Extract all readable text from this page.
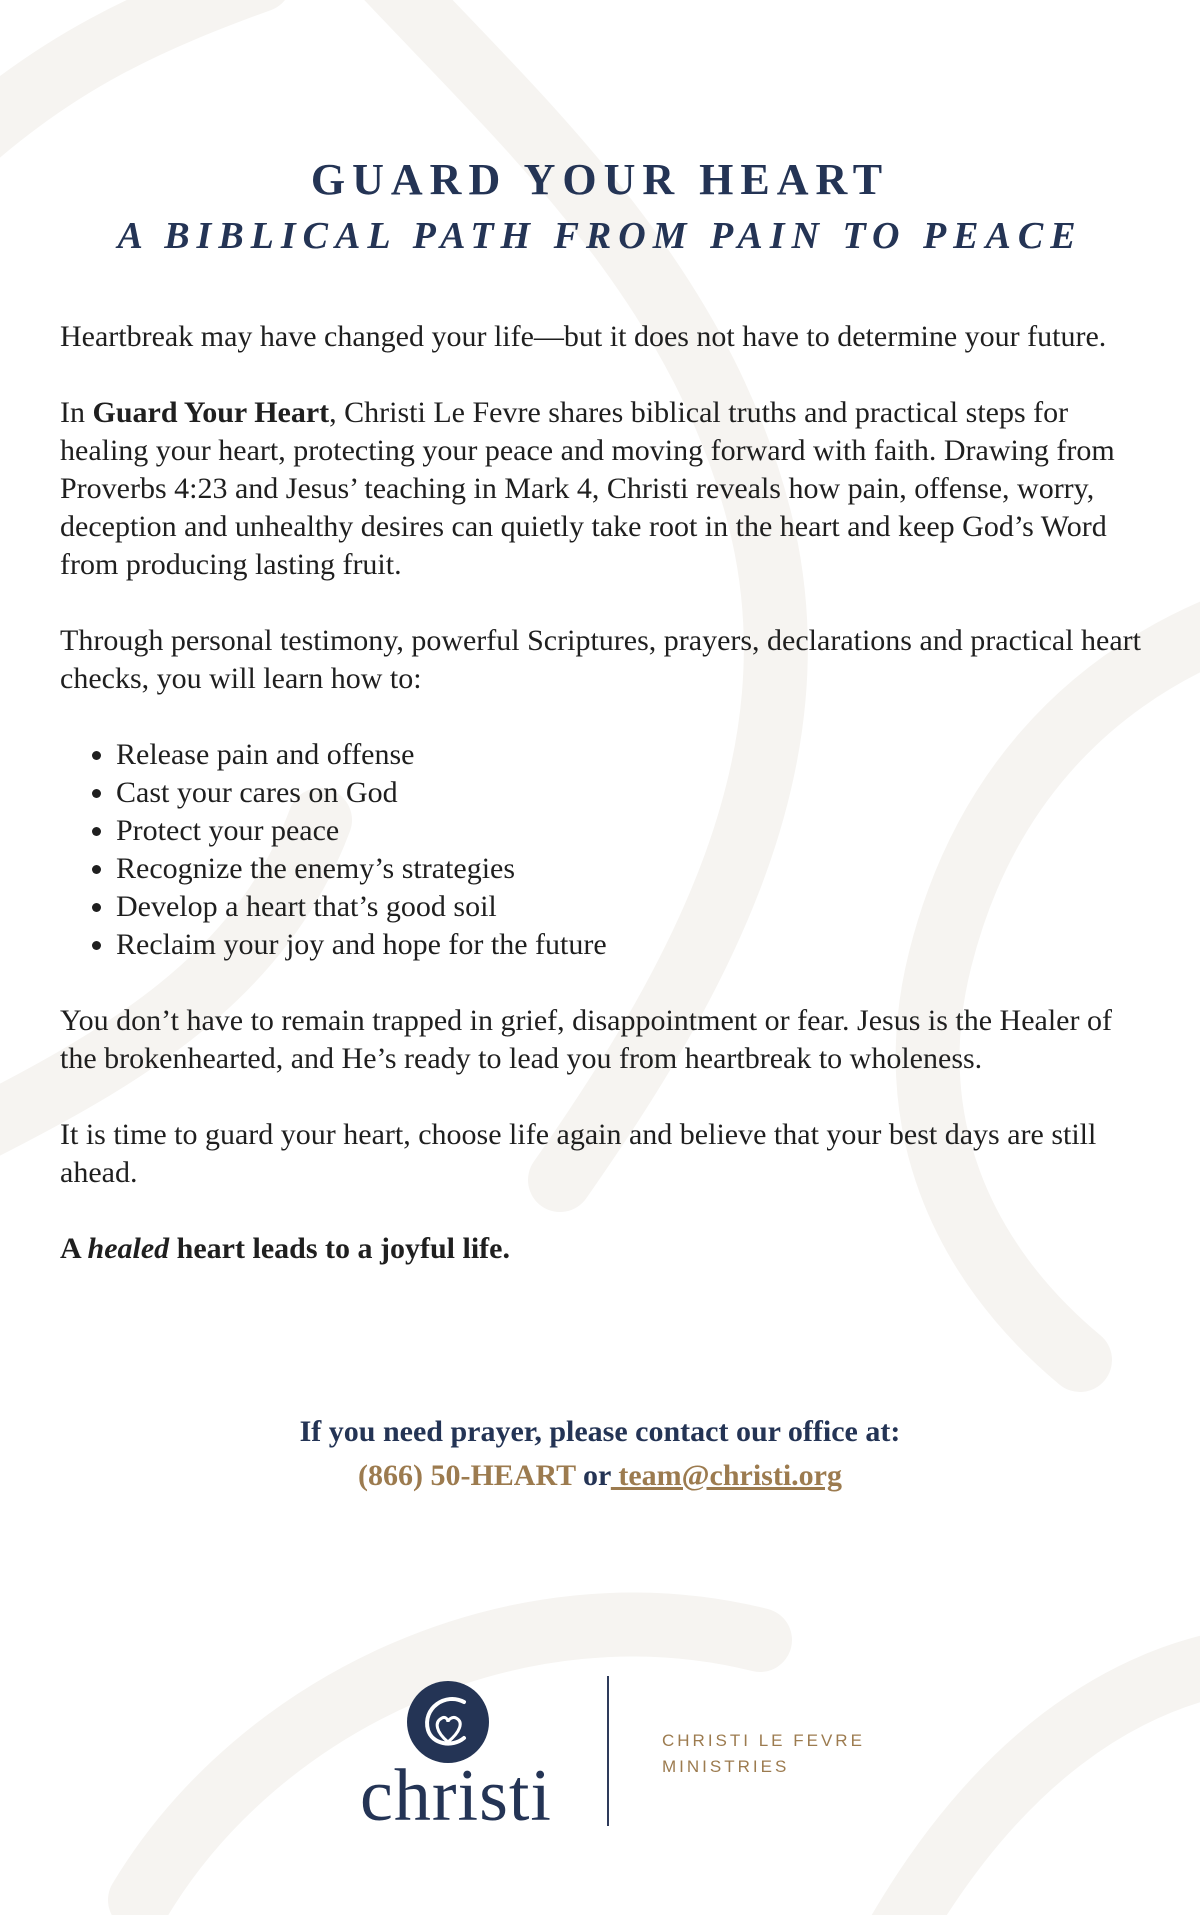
GUARD YOUR HEART
A BIBLICAL PATH FROM PAIN TO PEACE

Heartbreak may have changed your life—but it does not have to determine your future.

In Guard Your Heart, Christi Le Fevre shares biblical truths and practical steps for healing your heart, protecting your peace and moving forward with faith. Drawing from Proverbs 4:23 and Jesus’ teaching in Mark 4, Christi reveals how pain, offense, worry, deception and unhealthy desires can quietly take root in the heart and keep God’s Word from producing lasting fruit.

Through personal testimony, powerful Scriptures, prayers, declarations and practical heart checks, you will learn how to:

• Release pain and offense
• Cast your cares on God
• Protect your peace
• Recognize the enemy’s strategies
• Develop a heart that’s good soil
• Reclaim your joy and hope for the future

You don’t have to remain trapped in grief, disappointment or fear. Jesus is the Healer of the brokenhearted, and He’s ready to lead you from heartbreak to wholeness.

It is time to guard your heart, choose life again and believe that your best days are still ahead.

A healed heart leads to a joyful life.

If you need prayer, please contact our office at:
(866) 50-HEART or team@christi.org
christi
CHRISTI LE FEVRE
MINISTRIES
